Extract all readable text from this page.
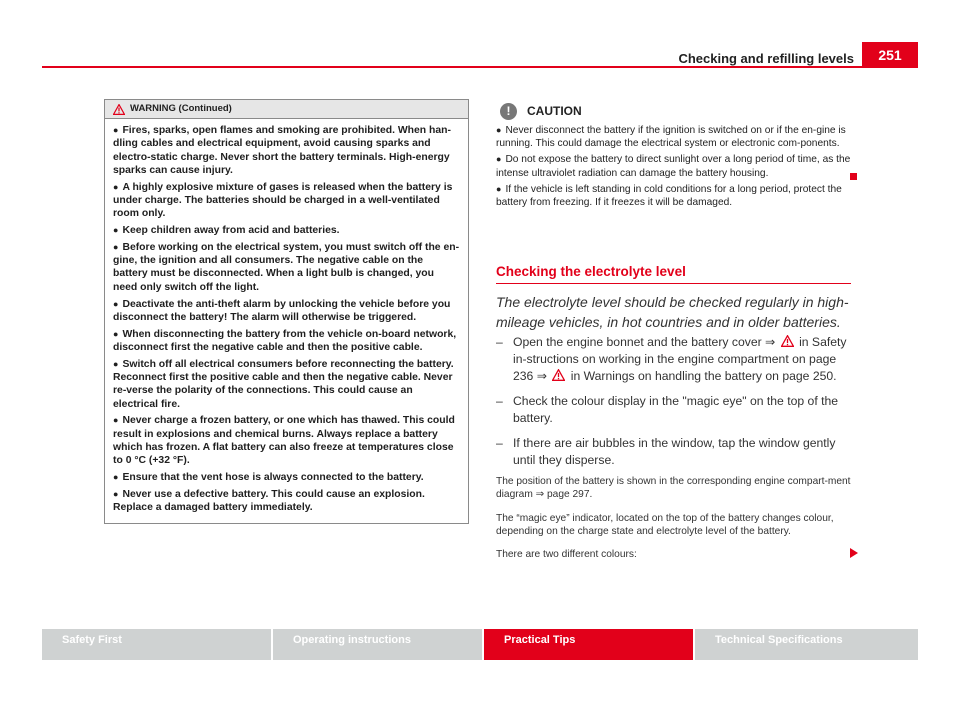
Checking and refilling levels	251
WARNING (Continued)
● Fires, sparks, open flames and smoking are prohibited. When han-dling cables and electrical equipment, avoid causing sparks and electro-static charge. Never short the battery terminals. High-energy sparks can cause injury.
● A highly explosive mixture of gases is released when the battery is under charge. The batteries should be charged in a well-ventilated room only.
● Keep children away from acid and batteries.
● Before working on the electrical system, you must switch off the en-gine, the ignition and all consumers. The negative cable on the battery must be disconnected. When a light bulb is changed, you need only switch off the light.
● Deactivate the anti-theft alarm by unlocking the vehicle before you disconnect the battery! The alarm will otherwise be triggered.
● When disconnecting the battery from the vehicle on-board network, disconnect first the negative cable and then the positive cable.
● Switch off all electrical consumers before reconnecting the battery. Reconnect first the positive cable and then the negative cable. Never re-verse the polarity of the connections. This could cause an electrical fire.
● Never charge a frozen battery, or one which has thawed. This could result in explosions and chemical burns. Always replace a battery which has frozen. A flat battery can also freeze at temperatures close to 0 °C (+32 °F).
● Ensure that the vent hose is always connected to the battery.
● Never use a defective battery. This could cause an explosion. Replace a damaged battery immediately.
!	CAUTION
● Never disconnect the battery if the ignition is switched on or if the en-gine is running. This could damage the electrical system or electronic com-ponents.
● Do not expose the battery to direct sunlight over a long period of time, as the intense ultraviolet radiation can damage the battery housing.
● If the vehicle is left standing in cold conditions for a long period, protect the battery from freezing. If it freezes it will be damaged.
Checking the electrolyte level
The electrolyte level should be checked regularly in high-mileage vehicles, in hot countries and in older batteries.
– Open the engine bonnet and the battery cover ⇒ in Safety in-structions on working in the engine compartment on page 236 ⇒ in Warnings on handling the battery on page 250.
– Check the colour display in the "magic eye" on the top of the battery.
– If there are air bubbles in the window, tap the window gently until they disperse.
The position of the battery is shown in the corresponding engine compart-ment diagram ⇒ page 297.
The “magic eye” indicator, located on the top of the battery changes colour, depending on the charge state and electrolyte level of the battery.
There are two different colours:
Safety First	Operating instructions	Practical Tips	Technical Specifications
